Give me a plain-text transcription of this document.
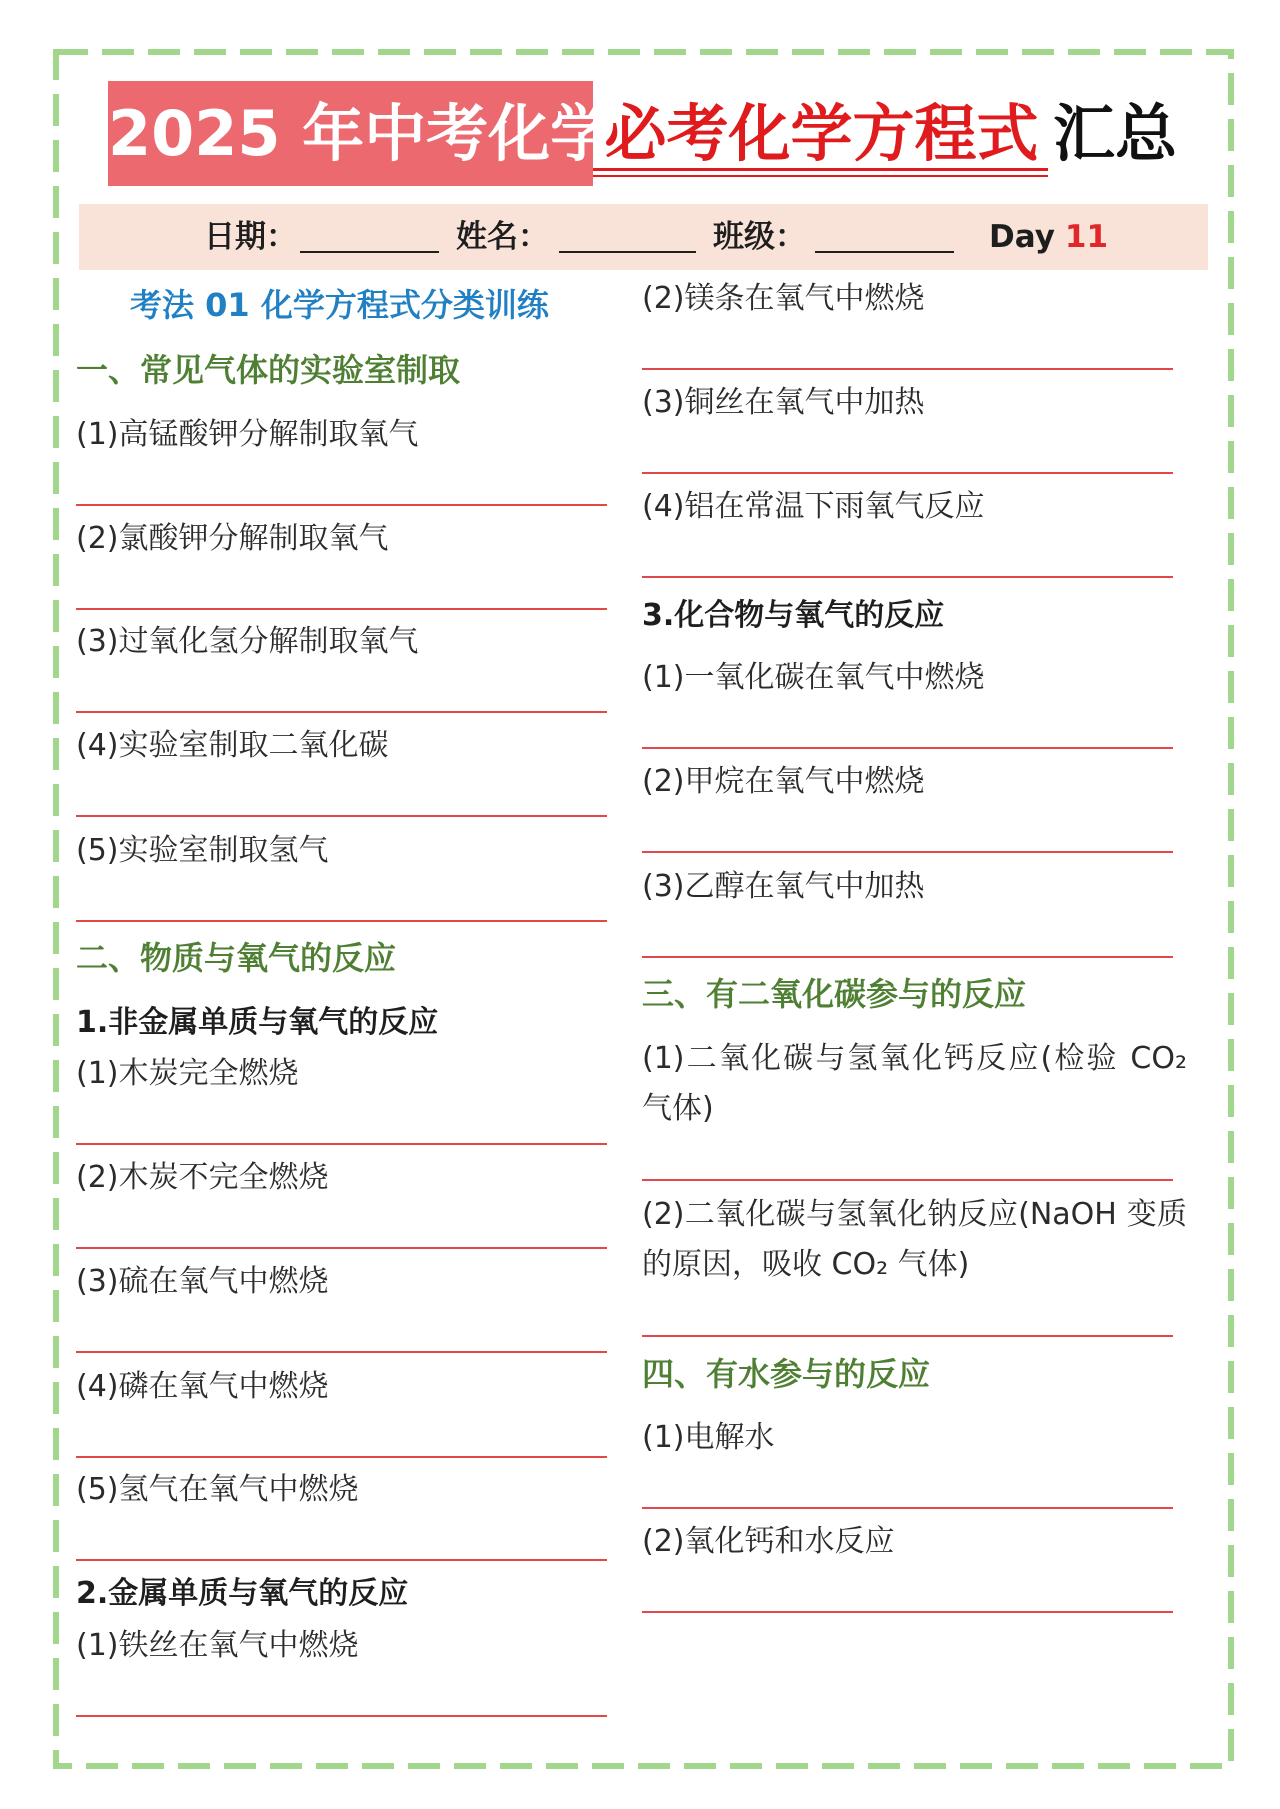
2025 年中考化学
必考化学方程式 汇总
日期：	姓名：	班级：	Day 11
考法 01 化学方程式分类训练
一、常见气体的实验室制取
(1)高锰酸钾分解制取氧气
(2)氯酸钾分解制取氧气
(3)过氧化氢分解制取氧气
(4)实验室制取二氧化碳
(5)实验室制取氢气
二、物质与氧气的反应
1.非金属单质与氧气的反应
(1)木炭完全燃烧
(2)木炭不完全燃烧
(3)硫在氧气中燃烧
(4)磷在氧气中燃烧
(5)氢气在氧气中燃烧
2.金属单质与氧气的反应
(1)铁丝在氧气中燃烧
(2)镁条在氧气中燃烧
(3)铜丝在氧气中加热
(4)铝在常温下雨氧气反应
3.化合物与氧气的反应
(1)一氧化碳在氧气中燃烧
(2)甲烷在氧气中燃烧
(3)乙醇在氧气中加热
三、有二氧化碳参与的反应
(1)二氧化碳与氢氧化钙反应(检验 CO₂ 气体)
(2)二氧化碳与氢氧化钠反应(NaOH 变质的原因，吸收 CO₂ 气体)
四、有水参与的反应
(1)电解水
(2)氧化钙和水反应
